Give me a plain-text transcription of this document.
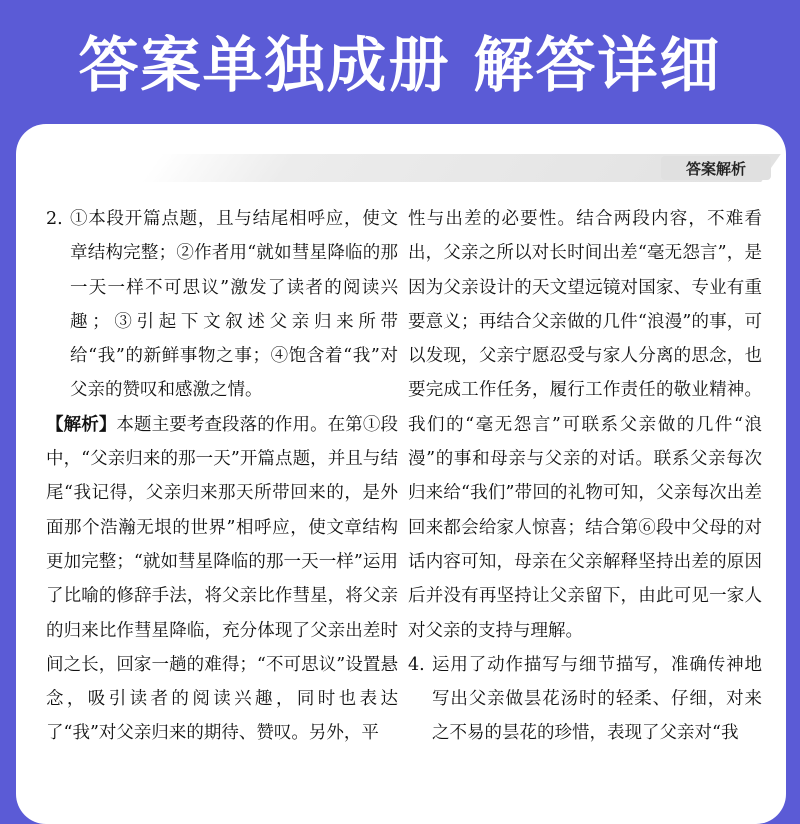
答案单独成册 解答详细
答案解析
2. ①本段开篇点题，且与结尾相呼应，使文章结构完整；②作者用“就如彗星降临的那一天一样不可思议”激发了读者的阅读兴趣；③引起下文叙述父亲归来所带给“我”的新鲜事物之事；④饱含着“我”对父亲的赞叹和感激之情。

【解析】本题主要考查段落的作用。在第①段中，“父亲归来的那一天”开篇点题，并且与结尾“我记得，父亲归来那天所带回来的，是外面那个浩瀚无垠的世界”相呼应，使文章结构更加完整；“就如彗星降临的那一天一样”运用了比喻的修辞手法，将父亲比作彗星，将父亲的归来比作彗星降临，充分体现了父亲出差时间之长，回家一趟的难得；“不可思议”设置悬念，吸引读者的阅读兴趣，同时也表达了“我”对父亲归来的期待、赞叹。另外，平

性与出差的必要性。结合两段内容，不难看出，父亲之所以对长时间出差“毫无怨言”，是因为父亲设计的天文望远镜对国家、专业有重要意义；再结合父亲做的几件“浪漫”的事，可以发现，父亲宁愿忍受与家人分离的思念，也要完成工作任务，履行工作责任的敬业精神。我们的“毫无怨言”可联系父亲做的几件“浪漫”的事和母亲与父亲的对话。联系父亲每次归来给“我们”带回的礼物可知，父亲每次出差回来都会给家人惊喜；结合第⑥段中父母的对话内容可知，母亲在父亲解释坚持出差的原因后并没有再坚持让父亲留下，由此可见一家人对父亲的支持与理解。

4. 运用了动作描写与细节描写，准确传神地写出父亲做昙花汤时的轻柔、仔细，对来之不易的昙花的珍惜，表现了父亲对“我
